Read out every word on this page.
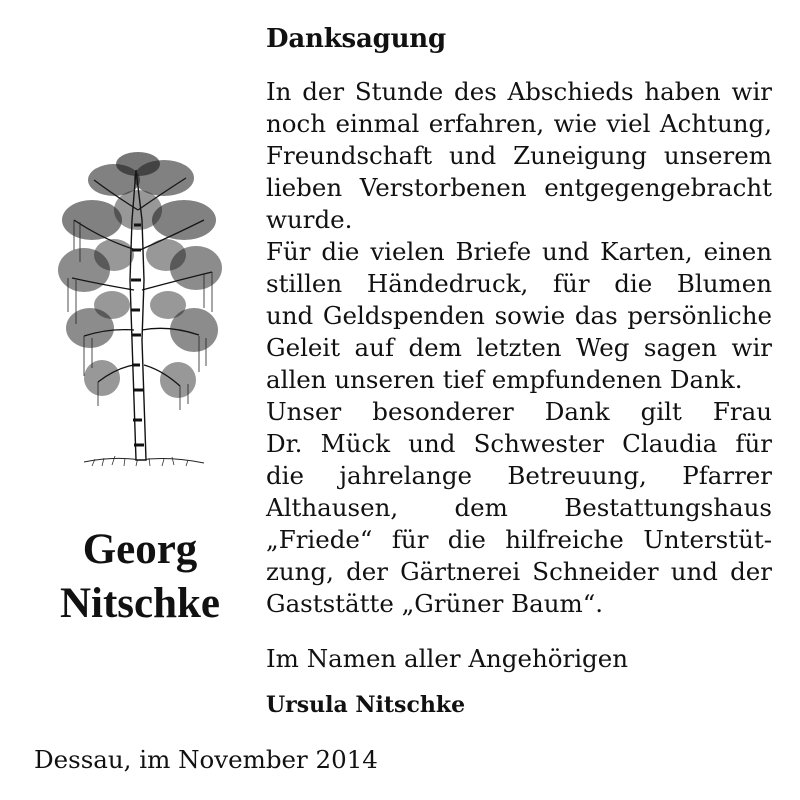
Danksagung
In der Stunde des Abschieds haben wir
noch einmal erfahren, wie viel Achtung,
Freundschaft und Zuneigung unserem
lieben Verstorbenen entgegengebracht
wurde.
Für die vielen Briefe und Karten, einen
stillen Händedruck, für die Blumen
und Geldspenden sowie das persönliche
Geleit auf dem letzten Weg sagen wir
allen unseren tief empfundenen Dank.
Unser besonderer Dank gilt Frau
Dr. Mück und Schwester Claudia für
die jahrelange Betreuung, Pfarrer
Althausen, dem Bestattungshaus
„Friede“ für die hilfreiche Unterstüt-
zung, der Gärtnerei Schneider und der
Gaststätte „Grüner Baum“.
Georg
Nitschke
Im Namen aller Angehörigen
Ursula Nitschke
Dessau, im November 2014
